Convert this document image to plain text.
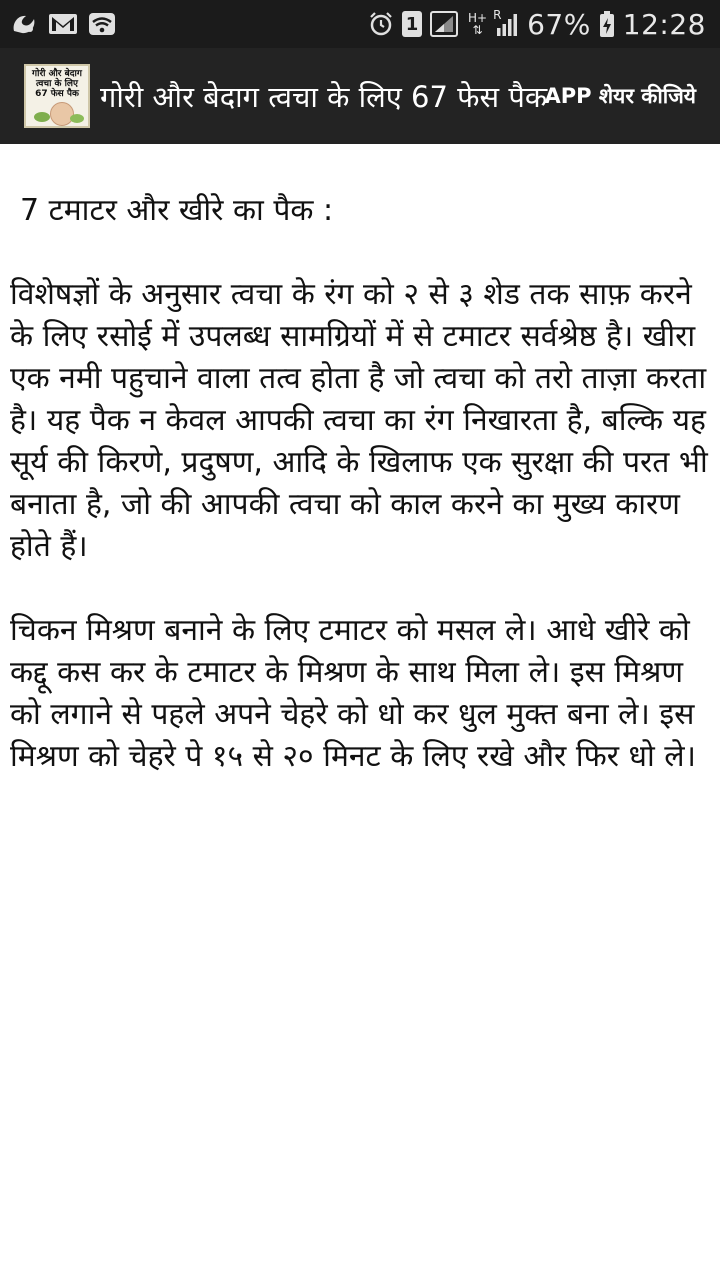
1	H+
⇅
R 67% 12:28
गोरी और बेदाग
त्वचा के लिए
67 फेस पैक गोरी और बेदाग त्वचा के लिए 67 फेस पैक
APP शेयर कीजिये

7 टमाटर और खीरे का पैक :

विशेषज्ञों के अनुसार त्वचा के रंग को २ से ३ शेड तक साफ़ करने के लिए रसोई में उपलब्ध सामग्रियों में से टमाटर सर्वश्रेष्ठ है। खीरा एक नमी पहुचाने वाला तत्व होता है जो त्वचा को तरो ताज़ा करता है। यह पैक न केवल आपकी त्वचा का रंग निखारता है, बल्कि यह सूर्य की किरणे, प्रदुषण, आदि के खिलाफ एक सुरक्षा की परत भी बनाता है, जो की आपकी त्वचा को काल करने का मुख्य कारण होते हैं।

चिकन मिश्रण बनाने के लिए टमाटर को मसल ले। आधे खीरे को कद्दू कस कर के टमाटर के मिश्रण के साथ मिला ले। इस मिश्रण को लगाने से पहले अपने चेहरे को धो कर धुल मुक्त बना ले। इस मिश्रण को चेहरे पे १५ से २० मिनट के लिए रखे और फिर धो ले।
